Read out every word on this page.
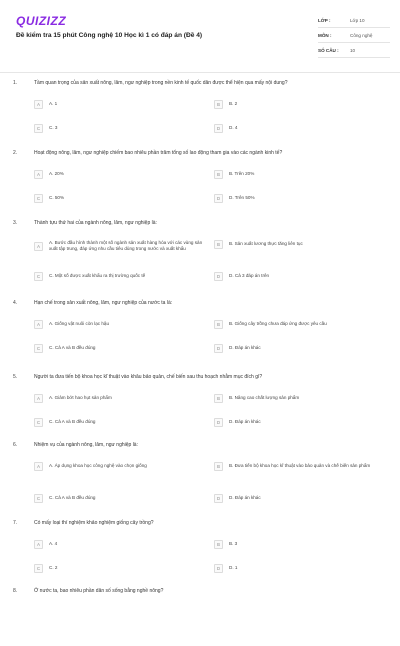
QUIZIZZ
Đề kiểm tra 15 phút Công nghệ 10 Học kì 1 có đáp án (Đề 4)
LỚP :	Lớp 10
MÔN :	Công nghệ
SỐ CÂU :	10
1.	Tầm quan trọng của sản xuất nông, lâm, ngư nghiệp trong nền kinh tế quốc dân được thể hiện qua mấy nội dung?
A	A. 1	B	B. 2
C	C. 3	D	D. 4
2.	Hoạt động nông, lâm, ngư nghiệp chiếm bao nhiêu phần trăm tổng số lao động tham gia vào các ngành kinh tế?
A	A. 20%	B	B. Trên 20%
C	C. 50%	D	D. Trên 50%
3.	Thành tựu thứ hai của ngành nông, lâm, ngư nghiệp là:
A
A. Bước đầu hình thành một số ngành sản xuất hàng hóa với các vùng sản xuất tập trung, đáp ứng nhu cầu tiêu dùng trong nước và xuất khẩu
B	B. Sản xuất lương thực tăng liên tục
C	C. Một số được xuất khẩu ra thị trường quốc tế	D	D. Cả 3 đáp án trên
4.	Hạn chế trong sản xuất nông, lâm, ngư nghiệp của nước ta là:
A	A. Giống vật nuôi còn lạc hậu	B	B. Giống cây trồng chưa đáp ứng được yêu cầu
C	C. Cả A và B đều đúng	D	D. Đáp án khác
5.	Người ta đưa tiến bộ khoa học kĩ thuật vào khâu bảo quản, chế biến sau thu hoạch nhằm mục đích gì?
A	A. Giảm bớt hao hụt sản phẩm	B	B. Nâng cao chất lượng sản phẩm
C	C. Cả A và B đều đúng	D	D. Đáp án khác
6.	Nhiệm vụ của ngành nông, lâm, ngư nghiệp là:
A	A. Áp dụng khoa học công nghệ vào chọn giống	B	B. Đưa tiến bộ khoa học kĩ thuật vào bảo quản và chế biến sản phẩm
C	C. Cả A và B đều đúng	D	D. Đáp án khác
7.	Có mấy loại thí nghiệm khảo nghiệm giống cây trồng?
A	A. 4	B	B. 3
C	C. 2	D	D. 1
8.	Ở nước ta, bao nhiêu phần dân số sống bằng nghề nông?
